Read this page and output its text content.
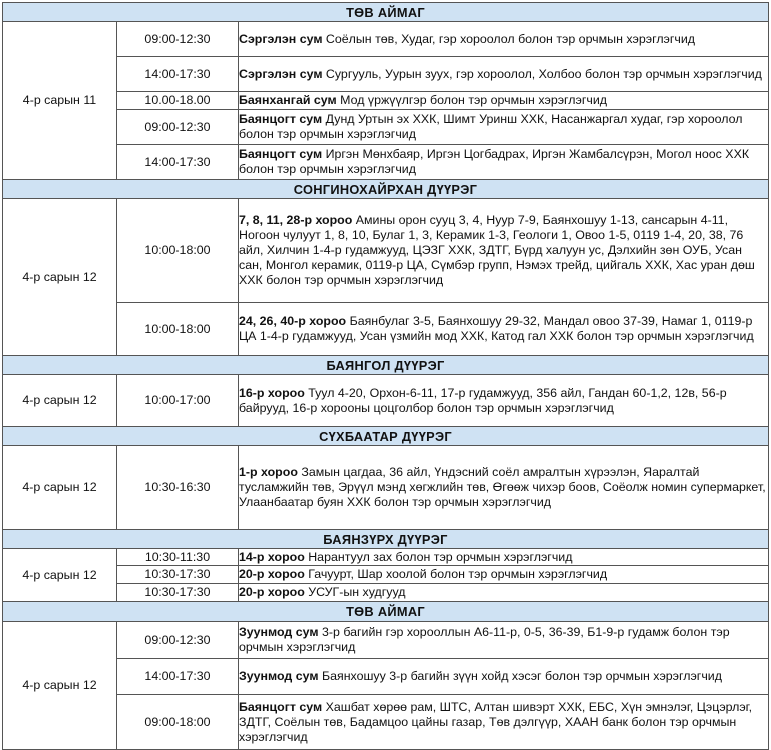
ТӨВ АЙМАГ		
4-р сарын 11	09:00-12:30	Сэргэлэн сум Соёлын төв, Худаг, гэр хороолол болон тэр орчмын хэрэглэгчид
	14:00-17:30	Сэргэлэн сум Сургууль, Уурын зуух, гэр хороолол, Холбоо болон тэр орчмын хэрэглэгчид
	10.00-18.00	Баянхангай сум Мод үржүүлгэр болон тэр орчмын хэрэглэгчид
	09:00-12:30	Баянцогт сум Дунд Уртын эх ХХК, Шимт Уринш ХХК, Насанжаргал худаг, гэр хороолол болон тэр орчмын хэрэглэгчид
	14:00-17:30	Баянцогт сум Иргэн Мөнхбаяр, Иргэн Цогбадрах, Иргэн Жамбалсүрэн, Могол ноос ХХК болон тэр орчмын хэрэглэгчид
СОНГИНОХАЙРХАН ДҮҮРЭГ		
4-р сарын 12	10:00-18:00	7, 8, 11, 28-р хороо Амины орон сууц 3, 4, Нуур 7-9, Баянхошуу 1-13, сансарын 4-11, Ногоон чулуут 1, 8, 10, Булаг 1, 3, Керамик 1-3, Геологи 1, Овоо 1-5, 0119 1-4, 20, 38, 76 айл, Хилчин 1-4-р гудамжууд, ЦЭЗГ ХХК, ЗДТГ, Бүрд халуун ус, Дэлхийн зөн ОУБ, Усан сан, Монгол керамик, 0119-р ЦА, Сүмбэр групп, Нэмэх трейд, цийгаль ХХК, Хас уран дөш ХХК болон тэр орчмын хэрэглэгчид
	10:00-18:00	24, 26, 40-р хороо Баянбулаг 3-5, Баянхошуу 29-32, Мандал овоо 37-39, Намаг 1, 0119-р ЦА 1-4-р гудамжууд, Усан үзмийн мод ХХК, Катод гал ХХК болон тэр орчмын хэрэглэгчид
БАЯНГОЛ ДҮҮРЭГ		
4-р сарын 12	10:00-17:00	16-р хороо Туул 4-20, Орхон-6-11, 17-р гудамжууд, 356 айл, Гандан 60-1,2, 12в, 56-р байрууд, 16-р хорооны цоцголбор болон тэр орчмын хэрэглэгчид
СҮХБААТАР ДҮҮРЭГ		
4-р сарын 12	10:30-16:30	1-р хороо Замын цагдаа, 36 айл, Үндэсний соёл амралтын хүрээлэн, Яаралтай тусламжийн төв, Эрүүл мэнд хөгжлийн төв, Өгөөж чихэр боов, Соёолж номин супермаркет, Улаанбаатар буян ХХК болон тэр орчмын хэрэглэгчид
БАЯНЗҮРХ ДҮҮРЭГ		
4-р сарын 12	10:30-11:30	14-р хороо Нарантуул зах болон тэр орчмын хэрэглэгчид
	10:30-17:30	20-р хороо Гачуурт, Шар хоолой болон тэр орчмын хэрэглэгчид
	10:30-17:30	20-р хороо УСУГ-ын худгууд
ТӨВ АЙМАГ		
4-р сарын 12	09:00-12:30	Зуунмод сум 3-р багийн гэр хорооллын А6-11-р, 0-5, 36-39, Б1-9-р гудамж болон тэр орчмын хэрэглэгчид
	14:00-17:30	Зуунмод сум Баянхошуу 3-р багийн зүүн хойд хэсэг болон тэр орчмын хэрэглэгчид
	09:00-18:00	Баянцогт сум Хашбат хөрөө рам, ШТС, Алтан шивэрт ХХК, ЕБС, Хүн эмнэлэг, Цэцэрлэг, ЗДТГ, Соёлын төв, Бадамцоо цайны газар, Төв дэлгүүр, ХААН банк болон тэр орчмын хэрэглэгчид
